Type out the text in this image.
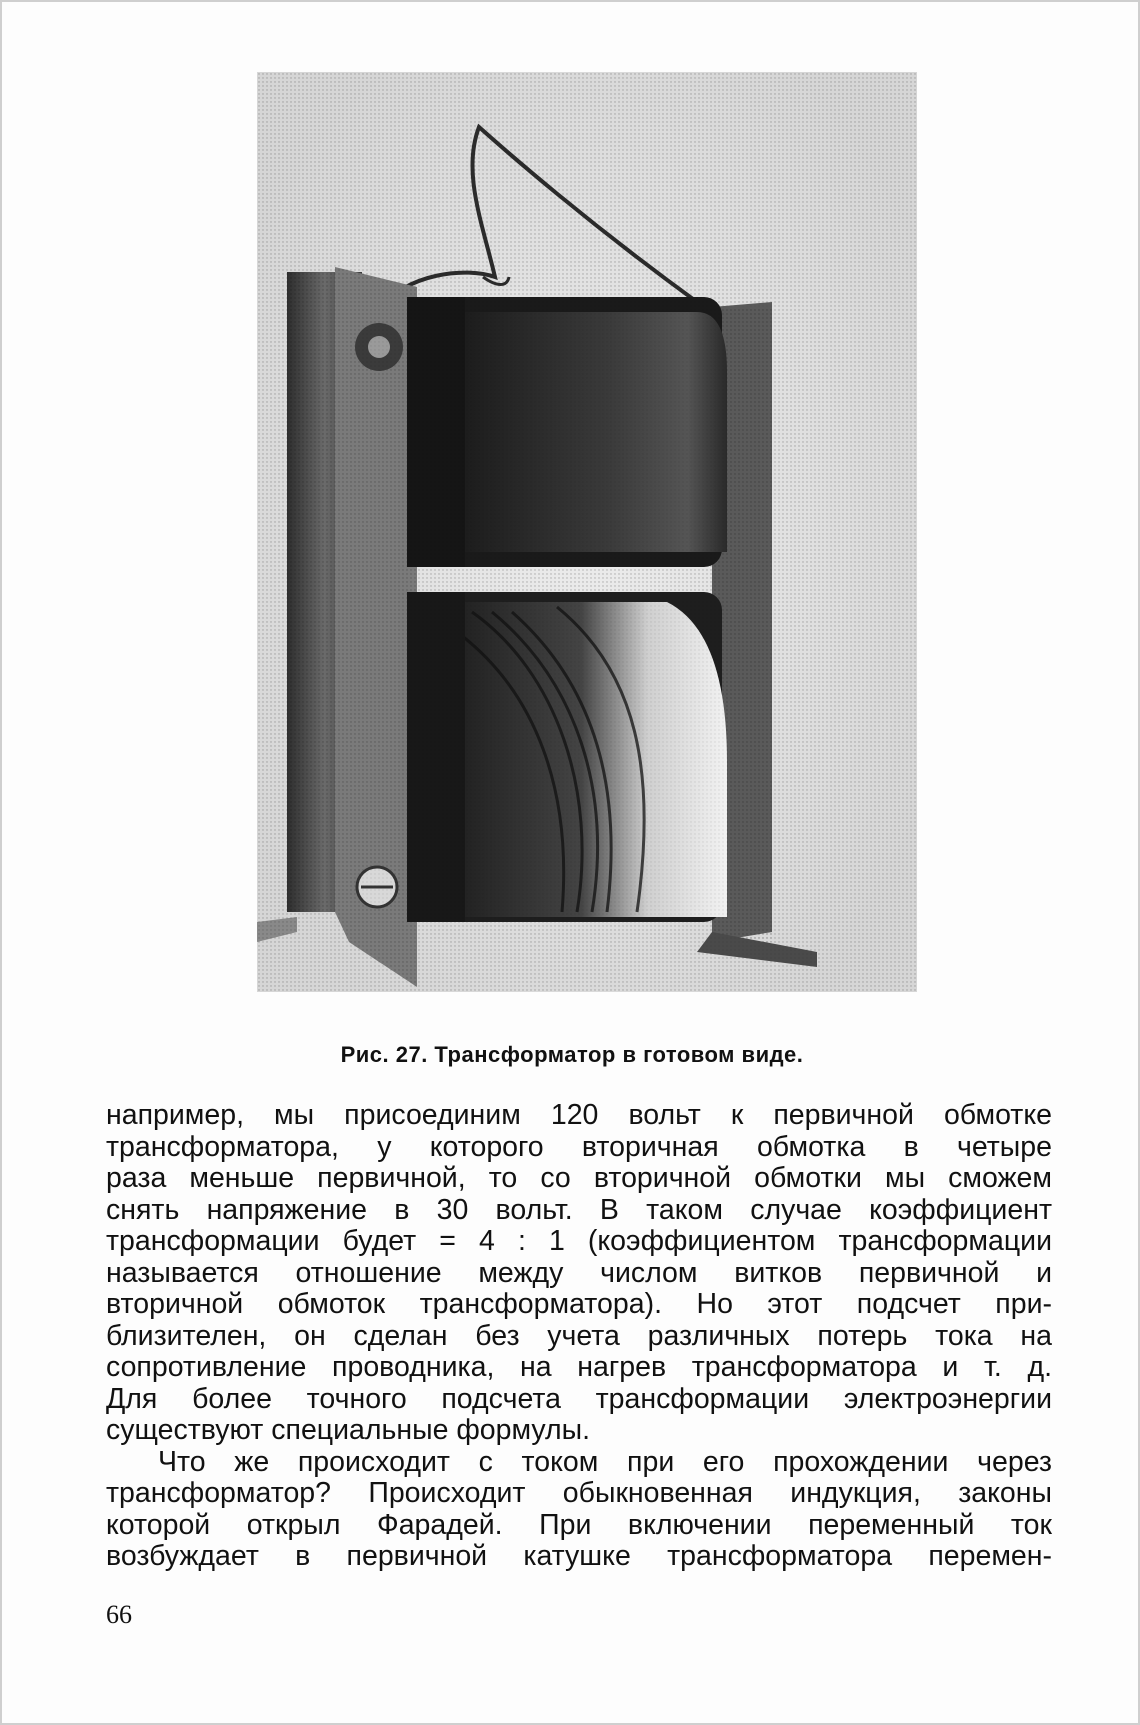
Рис. 27. Трансформатор в готовом виде.
например, мы присоединим 120 вольт к первичной обмотке
трансформатора, у которого вторичная обмотка в четыре
раза меньше первичной, то со вторичной обмотки мы сможем
снять напряжение в 30 вольт. В таком случае коэффициент
трансформации будет = 4 : 1 (коэффициентом трансформации
называется отношение между числом витков первичной и
вторичной обмоток трансформатора). Но этот подсчет при-
близителен, он сделан без учета различных потерь тока на
сопротивление проводника, на нагрев трансформатора и т. д.
Для более точного подсчета трансформации электроэнергии
существуют специальные формулы.
Что же происходит с током при его прохождении через
трансформатор? Происходит обыкновенная индукция, законы
которой открыл Фарадей. При включении переменный ток
возбуждает в первичной катушке трансформатора перемен-
66
